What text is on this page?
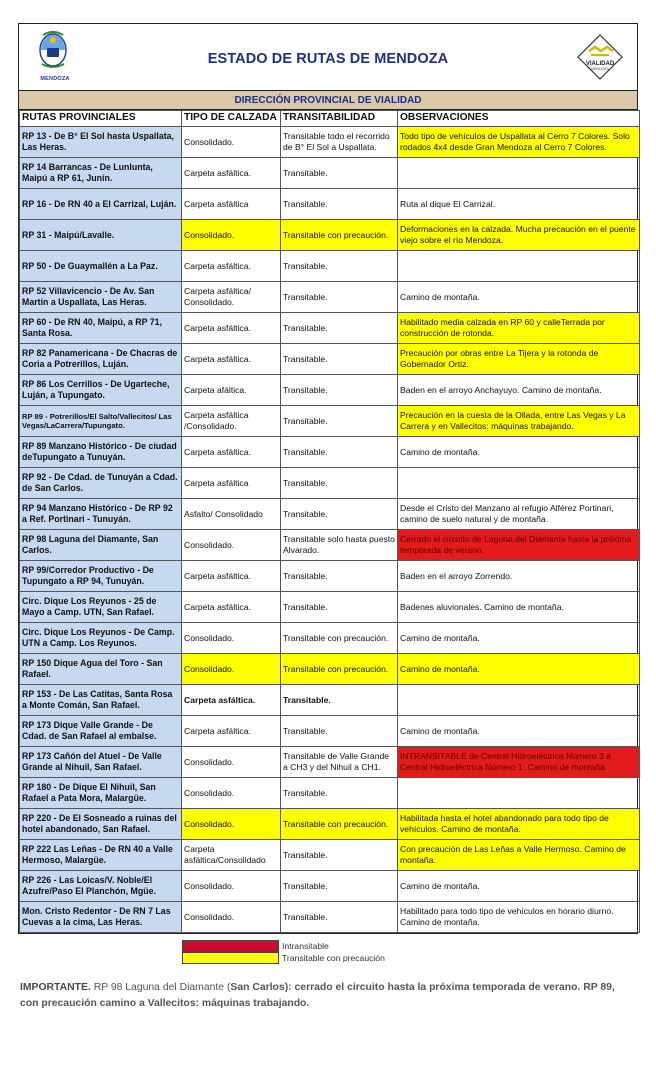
MENDOZA
ESTADO DE RUTAS DE MENDOZA	VIALIDAD
MENDOZA
DIRECCIÓN PROVINCIAL DE VIALIDAD
RUTAS PROVINCIALES	TIPO DE CALZADA	TRANSITABILIDAD	OBSERVACIONES
RP 13 - De B° El Sol hasta Uspallata, Las Heras.	Consolidado.	Transitable todo el recorrido de B° El Sol a Uspallata.	Todo tipo de vehículos de Uspallata al Cerro 7 Colores. Solo rodados 4x4 desde Gran Mendoza al Cerro 7 Colores.
RP 14 Barrancas - De Lunlunta, Maipú a RP 61, Junín.	Carpeta asfáltica.	Transitable.	
RP 16 - De RN 40 a El Carrizal, Luján.	Carpeta asfáltica	Transitable.	Ruta al dique El Carrizal.
RP 31 - Maipú/Lavalle.	Consolidado.	Transitable con precaución.	Deformaciones en la calzada. Mucha precaución en el puente viejo sobre el río Mendoza.
RP 50 - De Guaymallén a La Paz.	Carpeta asfáltica.	Transitable.	
RP 52 Villavicencio - De Av. San Martín a Uspallata, Las Heras.	Carpeta asfáltica/ Consolidado.	Transitable.	Camino de montaña.
RP 60 - De RN 40, Maipú, a RP 71, Santa Rosa.	Carpeta asfáltica.	Transitable.	Habilitado media calzada en RP 60 y calleTerrada por construcción de rotonda.
RP 82 Panamericana - De Chacras de Coria a Potrerillos, Luján.	Carpeta asfáltica.	Transitable.	Precaución por obras entre La Tijera y la rotonda de Gobernador Ortiz.
RP 86 Los Cerrillos - De Ugarteche, Luján, a Tupungato.	Carpeta afáltica.	Transitable.	Baden en el arroyo Anchayuyo. Camino de montaña.
RP 89 - Potrerillos/El Salto/Vallecitos/ Las Vegas/LaCarrera/Tupungato.	Carpeta asfáltica /Consolidado.	Transitable.	Precaución en la cuesta de la Ollada, entre Las Vegas y La Carrera y en Vallecitos: máquinas trabajando.
RP 89 Manzano Histórico - De ciudad deTupungato a Tunuyán.	Carpeta asfáltica.	Transitable.	Camino de montaña.
RP 92 - De Cdad. de Tunuyán a Cdad. de San Carlos.	Carpeta asfáltica	Transitable.	
RP 94 Manzano Histórico - De RP 92 a Ref. Portinari - Tunuyán.	Asfalto/ Consolidado	Transitable.	Desde el Cristo del Manzano al refugio Alférez Portinari, camino de suelo natural y de montaña.
RP 98 Laguna del Diamante, San Carlos.	Consolidado.	Transitable solo hasta puesto Alvarado.	Cerrado el circuito de Laguna del Diamante hasta la próxima temporada de verano.
RP 99/Corredor Productivo - De Tupungato a RP 94, Tunuyán.	Carpeta asfáltica.	Transitable.	Baden en el arroyo Zorrendo.
Circ. Dique Los Reyunos - 25 de Mayo a Camp. UTN, San Rafael.	Carpeta asfáltica.	Transitable.	Badenes aluvionales. Camino de montaña.
Circ. Dique Los Reyunos - De Camp. UTN a Camp. Los Reyunos.	Consolidado.	Transitable con precaución.	Camino de montaña.
RP 150 Dique Agua del Toro - San Rafael.	Consolidado.	Transitable con precaución.	Camino de montaña.
RP 153 - De Las Catitas, Santa Rosa a Monte Comán, San Rafael.	Carpeta asfáltica.	Transitable.	
RP 173 Dique Valle Grande - De Cdad. de San Rafael al embalse.	Carpeta asfáltica.	Transitable.	Camino de montaña.
RP 173 Cañón del Atuel - De Valle Grande al Nihuil, San Rafael.	Consolidado.	Transitable de Valle Grande a CH3 y del Nihuil a CH1.	INTRANSITABLE de Central Hidroeléctrica Número 3 a Central Hidroeléctrica Número 1. Camino de montaña
RP 180 - De Dique El Nihuil, San Rafael a Pata Mora, Malargüe.	Consolidado.	Transitable.	
RP 220 - De El Sosneado a ruinas del hotel abandonado, San Rafael.	Consolidado.	Transitable con precaución.	Habilitada hasta el hotel abandonado para todo tipo de vehículos. Camino de montaña.
RP 222 Las Leñas - De RN 40 a Valle Hermoso, Malargüe.	Carpeta asfáltica/Consolidado	Transitable.	Con precaución de Las Leñas a Valle Hermoso. Camino de montaña.
RP 226 - Las Loicas/V. Noble/El Azufre/Paso El Planchón, Mgüe.	Consolidado.	Transitable.	Camino de montaña.
Mon. Cristo Redentor - De RN 7 Las Cuevas a la cima, Las Heras.	Consolidado.	Transitable.	Habilitado para todo tipo de vehículos en horario diurno. Camino de montaña.
Intransitable
Transitable con precaución
IMPORTANTE. RP 98 Laguna del Diamante (San Carlos): cerrado el circuito hasta la próxima temporada de verano. RP 89, con precaución camino a Vallecitos: máquinas trabajando.
